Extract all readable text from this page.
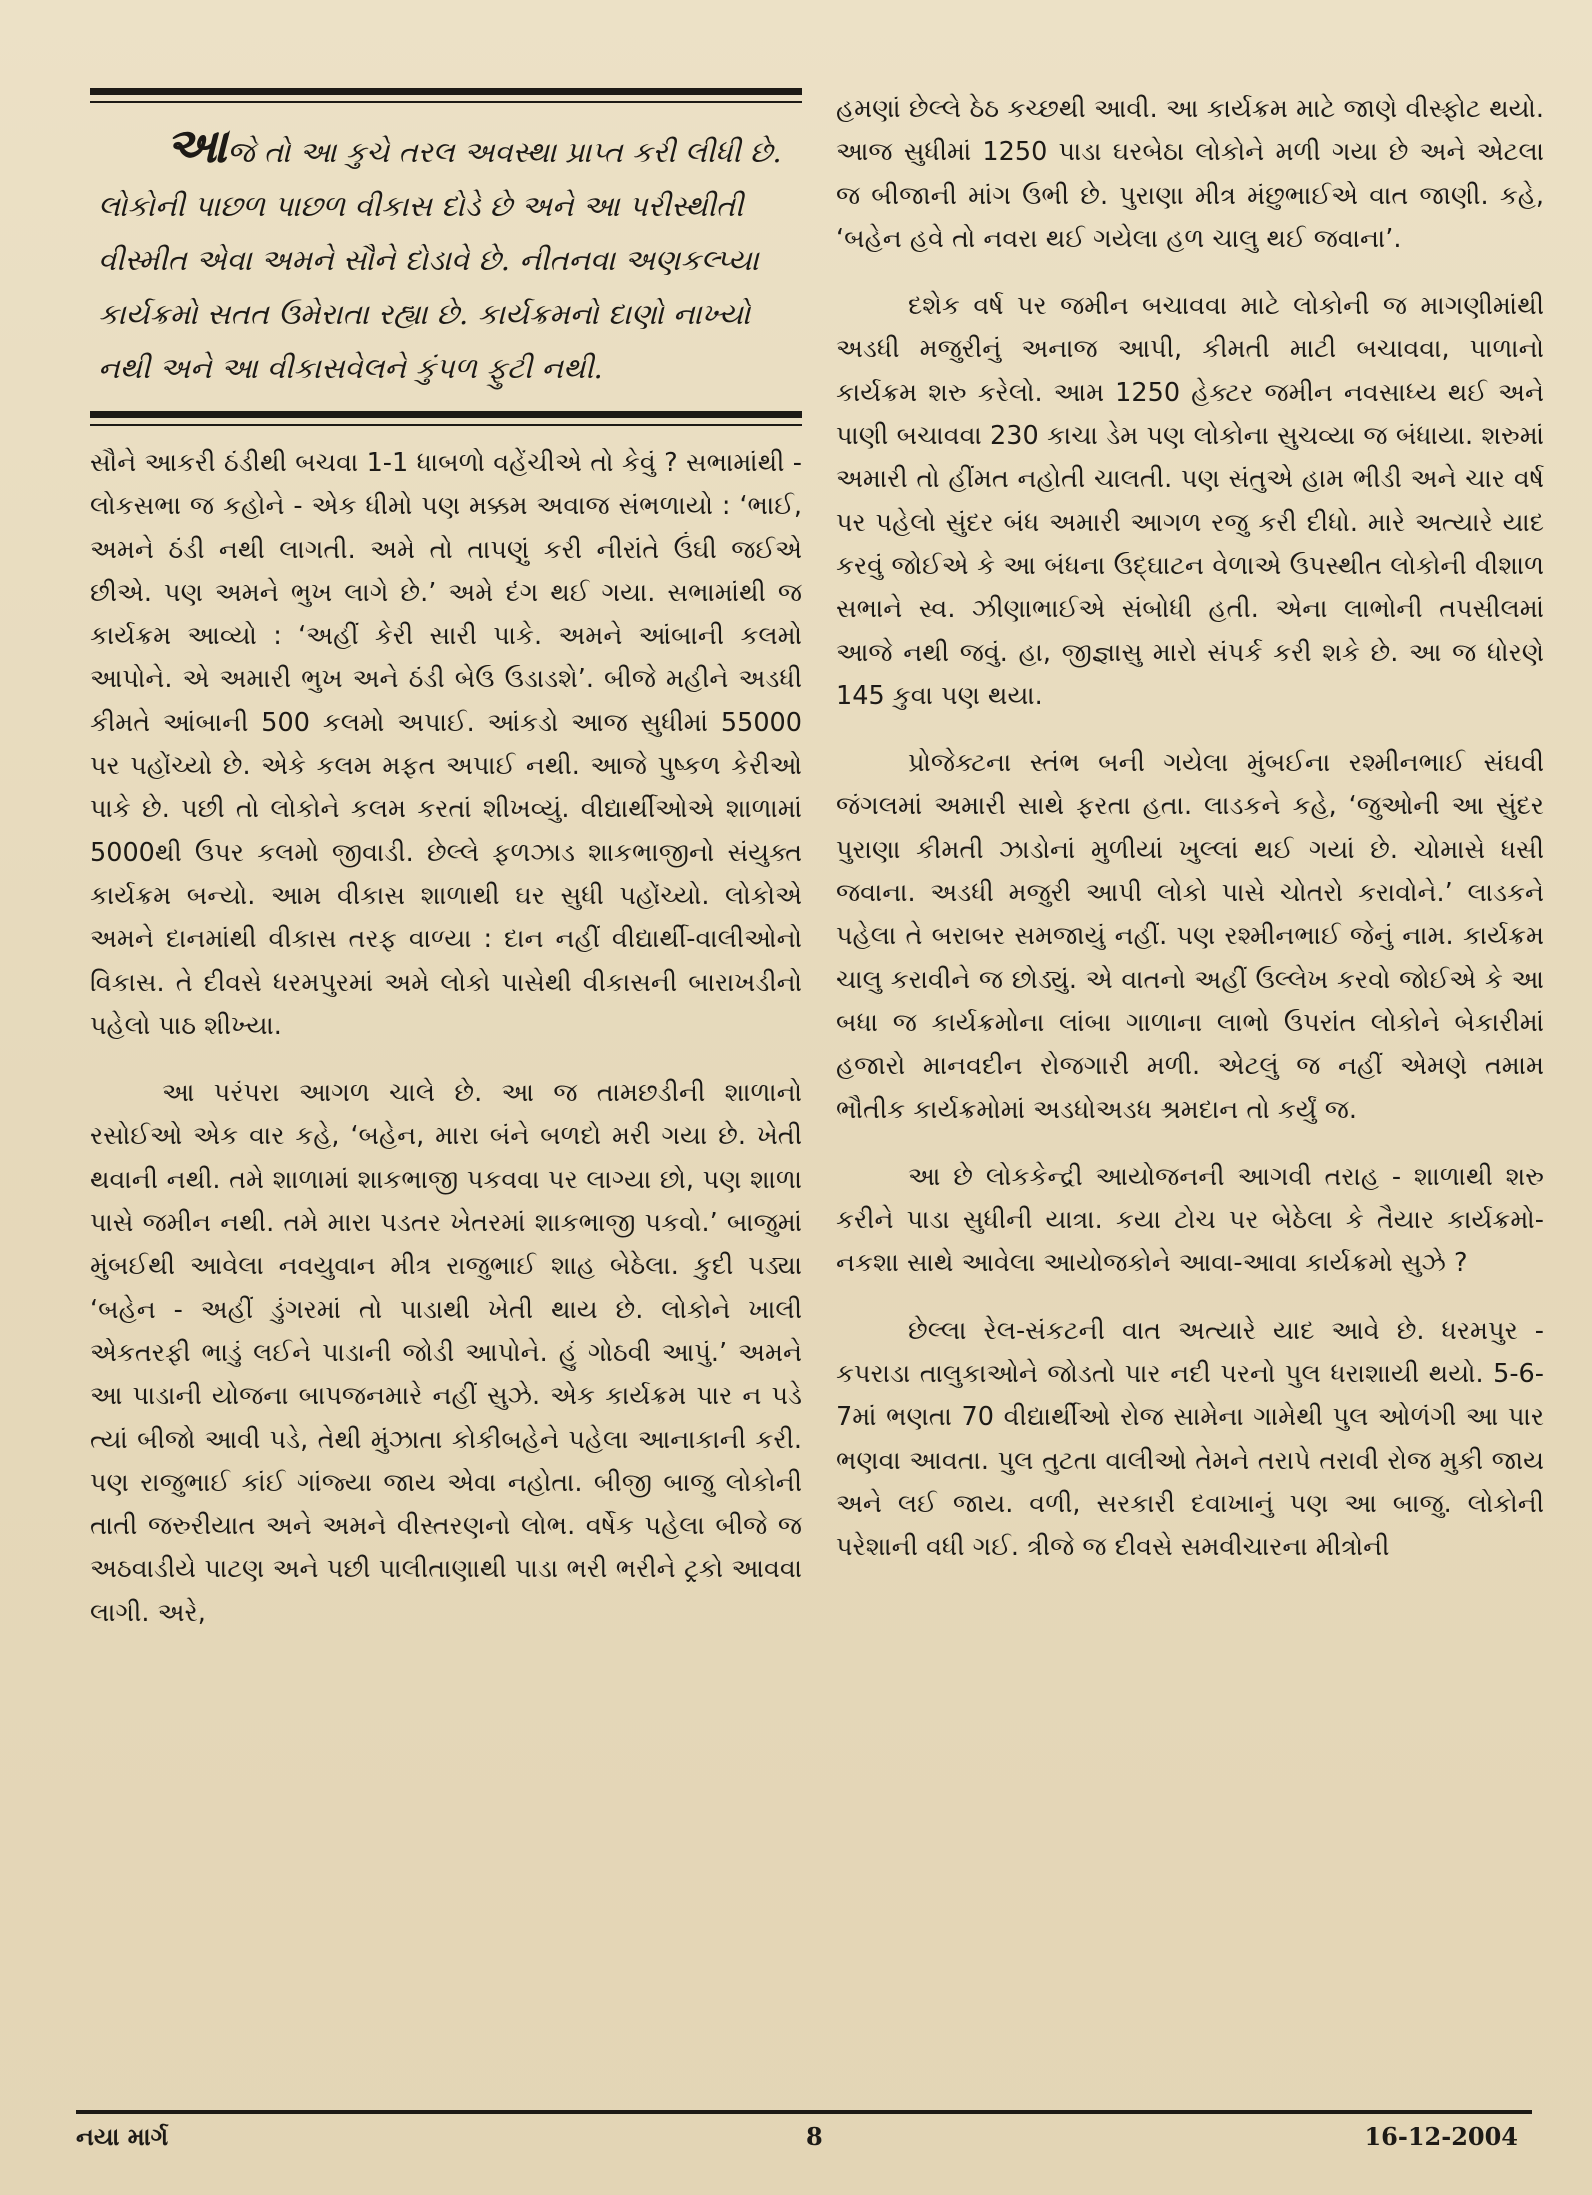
આજે તો આ કુચે તરલ અવસ્થા પ્રાપ્ત કરી લીધી છે. લોકોની પાછળ પાછળ વીકાસ દોડે છે અને આ પરીસ્થીતી વીસ્મીત એવા અમને સૌને દોડાવે છે. નીતનવા અણકલ્પ્યા કાર્યક્રમો સતત ઉમેરાતા રહ્યા છે. કાર્યક્રમનો દાણો નાખ્યો નથી અને આ વીકાસવેલને કુંપળ ફુટી નથી.

સૌને આકરી ઠંડીથી બચવા 1-1 ધાબળો વહેંચીએ તો કેવું ? સભામાંથી - લોકસભા જ કહોને - એક ધીમો પણ મક્કમ અવાજ સંભળાયો : ‘ભાઈ, અમને ઠંડી નથી લાગતી. અમે તો તાપણું કરી નીરાંતે ઉંઘી જઈએ છીએ. પણ અમને ભુખ લાગે છે.’ અમે દંગ થઈ ગયા. સભામાંથી જ કાર્યક્રમ આવ્યો : ‘અહીં કેરી સારી પાકે. અમને આંબાની કલમો આપોને. એ અમારી ભુખ અને ઠંડી બેઉ ઉડાડશે’. બીજે મહીને અડધી કીમતે આંબાની 500 કલમો અપાઈ. આંકડો આજ સુધીમાં 55000 પર પહોંચ્યો છે. એકે કલમ મફત અપાઈ નથી. આજે પુષ્કળ કેરીઓ પાકે છે. પછી તો લોકોને કલમ કરતાં શીખવ્યું. વીદ્યાર્થીઓએ શાળામાં 5000થી ઉપર કલમો જીવાડી. છેલ્લે ફળઝાડ શાકભાજીનો સંયુક્ત કાર્યક્રમ બન્યો. આમ વીકાસ શાળાથી ઘર સુધી પહોંચ્યો. લોકોએ અમને દાનમાંથી વીકાસ તરફ વાળ્યા : દાન નહીં વીદ્યાર્થી-વાલીઓનો વિકાસ. તે દીવસે ધરમપુરમાં અમે લોકો પાસેથી વીકાસની બારાખડીનો પહેલો પાઠ શીખ્યા.

આ પરંપરા આગળ ચાલે છે. આ જ તામછડીની શાળાનો રસોઈઓ એક વાર કહે, ‘બહેન, મારા બંને બળદો મરી ગયા છે. ખેતી થવાની નથી. તમે શાળામાં શાકભાજી પકવવા પર લાગ્યા છો, પણ શાળા પાસે જમીન નથી. તમે મારા પડતર ખેતરમાં શાકભાજી પકવો.’ બાજુમાં મુંબઈથી આવેલા નવયુવાન મીત્ર રાજુભાઈ શાહ બેઠેલા. કુદી પડ્યા ‘બહેન - અહીં ડુંગરમાં તો પાડાથી ખેતી થાય છે. લોકોને ખાલી એકતરફી ભાડું લઈને પાડાની જોડી આપોને. હું ગોઠવી આપું.’ અમને આ પાડાની યોજના બાપજનમારે નહીં સુઝે. એક કાર્યક્રમ પાર ન પડે ત્યાં બીજો આવી પડે, તેથી મુંઝાતા કોકીબહેને પહેલા આનાકાની કરી. પણ રાજુભાઈ કાંઈ ગાંજ્યા જાય એવા નહોતા. બીજી બાજુ લોકોની તાતી જરુરીયાત અને અમને વીસ્તરણનો લોભ. વર્ષેક પહેલા બીજે જ અઠવાડીયે પાટણ અને પછી પાલીતાણાથી પાડા ભરી ભરીને ટ્રકો આવવા લાગી. અરે,

હમણાં છેલ્લે ઠેઠ કચ્છથી આવી. આ કાર્યક્રમ માટે જાણે વીસ્ફોટ થયો. આજ સુધીમાં 1250 પાડા ઘરબેઠા લોકોને મળી ગયા છે અને એટલા જ બીજાની માંગ ઉભી છે. પુરાણા મીત્ર મંછુભાઈએ વાત જાણી. કહે, ‘બહેન હવે તો નવરા થઈ ગયેલા હળ ચાલુ થઈ જવાના’.

દશેક વર્ષ પર જમીન બચાવવા માટે લોકોની જ માગણીમાંથી અડધી મજુરીનું અનાજ આપી, કીમતી માટી બચાવવા, પાળાનો કાર્યક્રમ શરુ કરેલો. આમ 1250 હેક્ટર જમીન નવસાધ્ય થઈ અને પાણી બચાવવા 230 કાચા ડેમ પણ લોકોના સુચવ્યા જ બંધાયા. શરુમાં અમારી તો હીંમત નહોતી ચાલતી. પણ સંતુએ હામ ભીડી અને ચાર વર્ષ પર પહેલો સુંદર બંધ અમારી આગળ રજુ કરી દીધો. મારે અત્યારે યાદ કરવું જોઈએ કે આ બંધના ઉદ્ઘાટન વેળાએ ઉપસ્થીત લોકોની વીશાળ સભાને સ્વ. ઝીણાભાઈએ સંબોધી હતી. એના લાભોની તપસીલમાં આજે નથી જવું. હા, જીજ્ઞાસુ મારો સંપર્ક કરી શકે છે. આ જ ધોરણે 145 કુવા પણ થયા.

પ્રોજેક્ટના સ્તંભ બની ગયેલા મુંબઈના રશ્મીનભાઈ સંઘવી જંગલમાં અમારી સાથે ફરતા હતા. લાડકને કહે, ‘જુઓની આ સુંદર પુરાણા કીમતી ઝાડોનાં મુળીયાં ખુલ્લાં થઈ ગયાં છે. ચોમાસે ધસી જવાના. અડધી મજુરી આપી લોકો પાસે ચોતરો કરાવોને.’ લાડકને પહેલા તે બરાબર સમજાયું નહીં. પણ રશ્મીનભાઈ જેનું નામ. કાર્યક્રમ ચાલુ કરાવીને જ છોડ્યું. એ વાતનો અહીં ઉલ્લેખ કરવો જોઈએ કે આ બધા જ કાર્યક્રમોના લાંબા ગાળાના લાભો ઉપરાંત લોકોને બેકારીમાં હજારો માનવદીન રોજગારી મળી. એટલું જ નહીં એમણે તમામ ભૌતીક કાર્યક્રમોમાં અડધોઅડધ શ્રમદાન તો કર્યું જ.

આ છે લોકકેન્દ્રી આયોજનની આગવી તરાહ - શાળાથી શરુ કરીને પાડા સુધીની યાત્રા. કયા ટોચ પર બેઠેલા કે તૈયાર કાર્યક્રમો-નકશા સાથે આવેલા આયોજકોને આવા-આવા કાર્યક્રમો સુઝે ?

છેલ્લા રેલ-સંકટની વાત અત્યારે યાદ આવે છે. ધરમપુર - કપરાડા તાલુકાઓને જોડતો પાર નદી પરનો પુલ ધરાશાયી થયો. 5-6-7માં ભણતા 70 વીદ્યાર્થીઓ રોજ સામેના ગામેથી પુલ ઓળંગી આ પાર ભણવા આવતા. પુલ તુટતા વાલીઓ તેમને તરાપે તરાવી રોજ મુકી જાય અને લઈ જાય. વળી, સરકારી દવાખાનું પણ આ બાજુ. લોકોની પરેશાની વધી ગઈ. ત્રીજે જ દીવસે સમવીચારના મીત્રોની

નયા માર્ગ	8	16-12-2004
